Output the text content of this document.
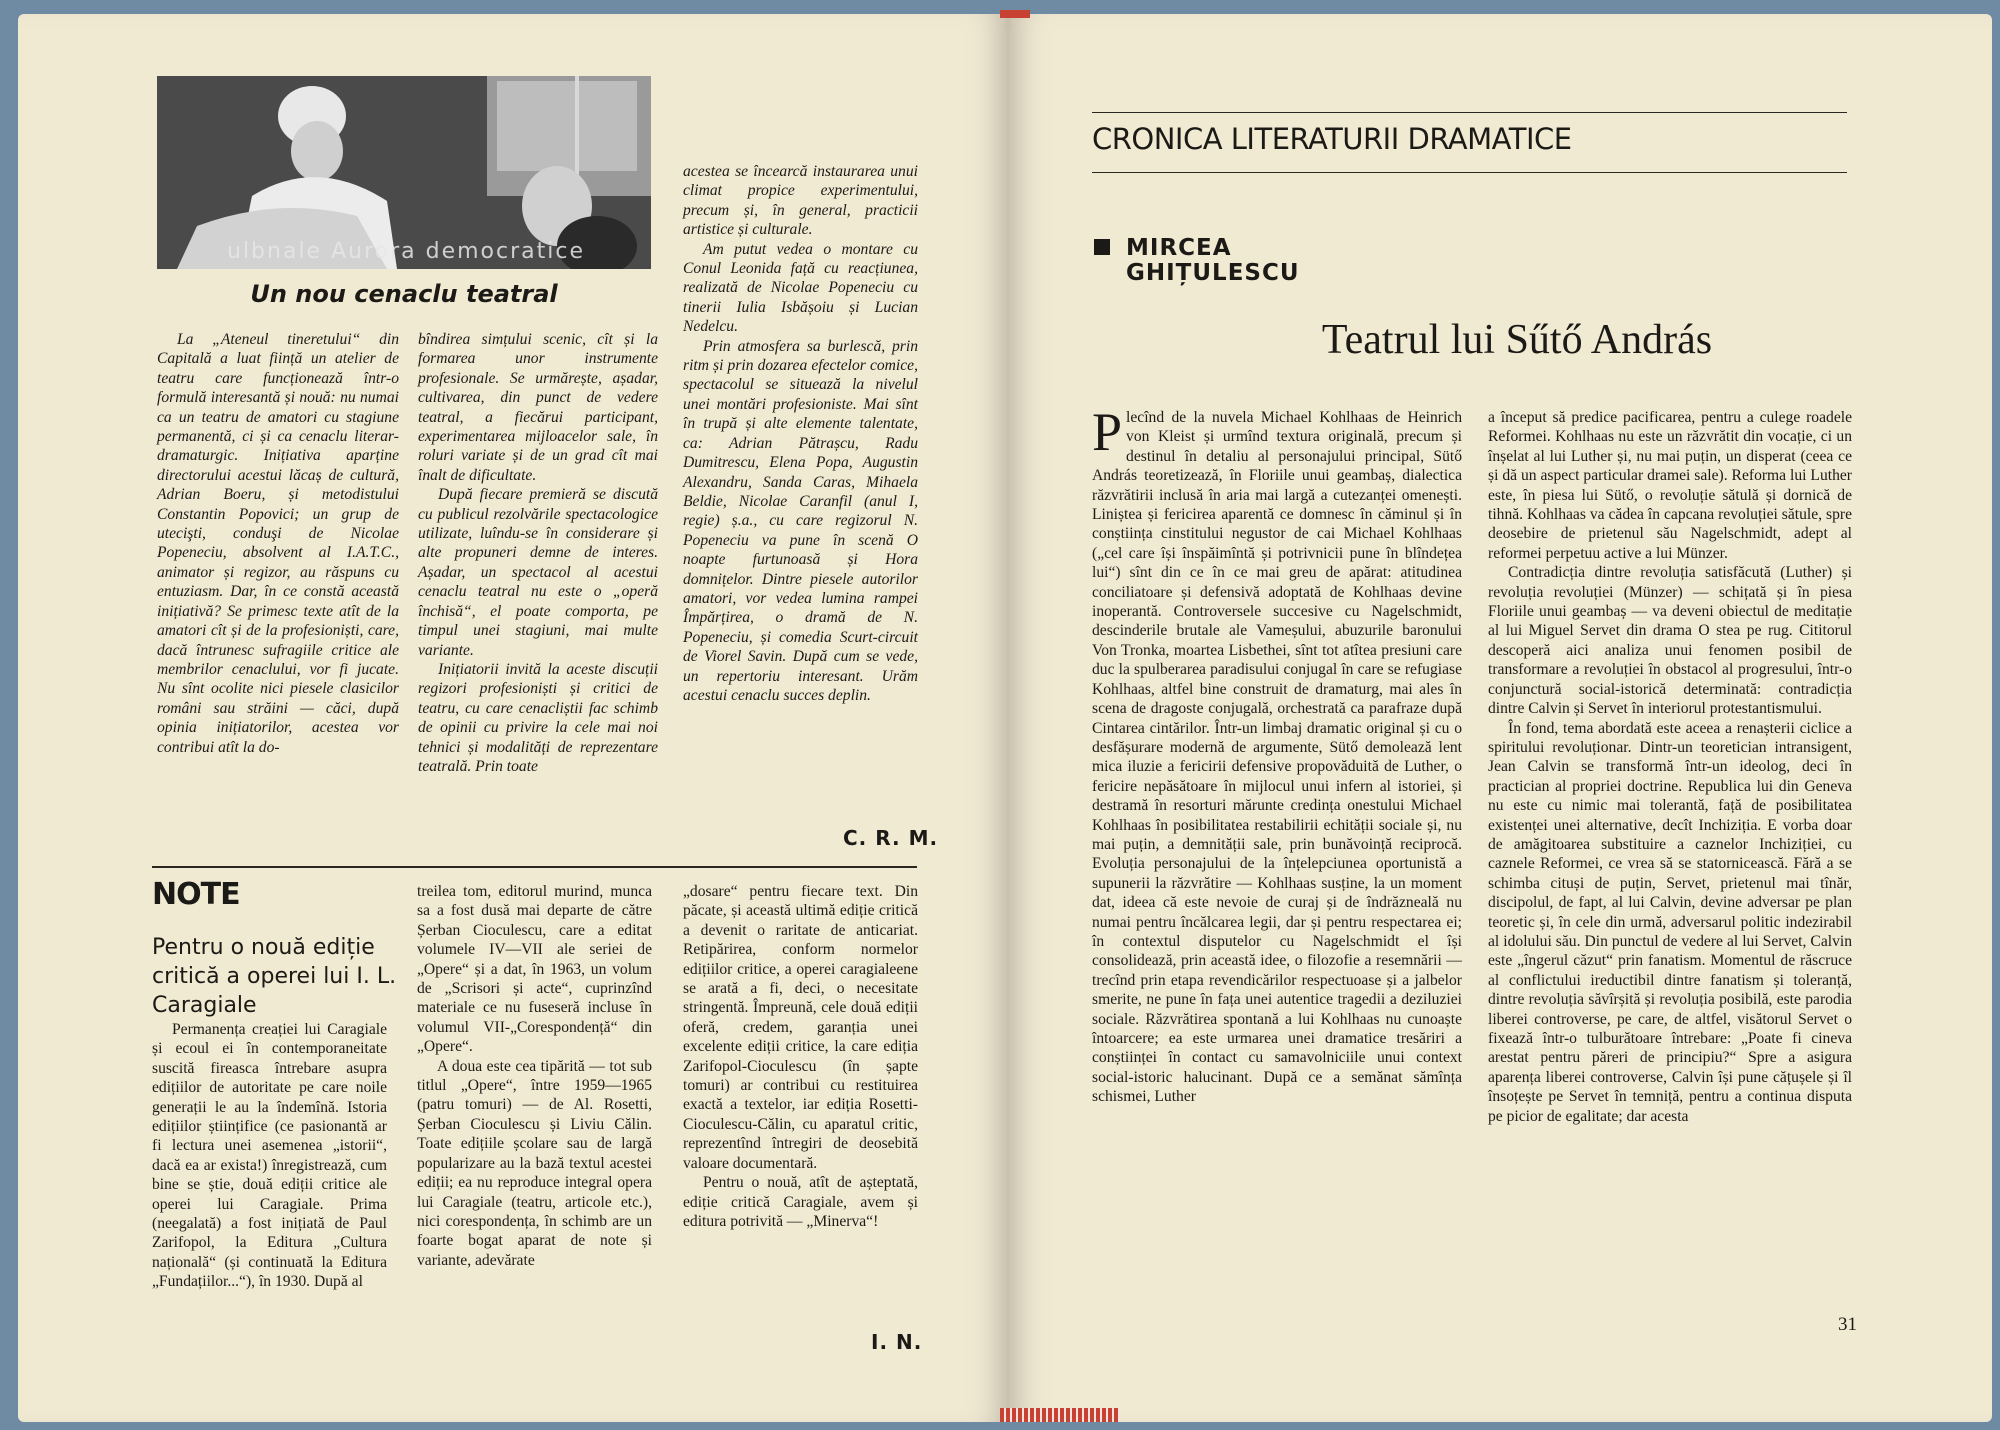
ulbnale Aurora democratice
Un nou cenaclu teatral

La „Ateneul tineretului“ din Capitală a luat ființă un atelier de teatru care funcționează într-o formulă interesantă și nouă: nu numai ca un teatru de amatori cu stagiune permanentă, ci și ca cenaclu literar-dramaturgic. Inițiativa aparține directorului acestui lăcaș de cultură, Adrian Boeru, și metodistului Constantin Popovici; un grup de utecişti, conduşi de Nicolae Popeneciu, absolvent al I.A.T.C., animator și regizor, au răspuns cu entuziasm. Dar, în ce constă această inițiativă? Se primesc texte atît de la amatori cît și de la profesioniști, care, dacă întrunesc sufragiile critice ale membrilor cenaclului, vor fi jucate. Nu sînt ocolite nici piesele clasicilor români sau străini — căci, după opinia inițiatorilor, acestea vor contribui atît la do-

bîndirea simțului scenic, cît și la formarea unor instrumente profesionale. Se urmărește, așadar, cultivarea, din punct de vedere teatral, a fiecărui participant, experimentarea mijloacelor sale, în roluri variate și de un grad cît mai înalt de dificultate.

După fiecare premieră se discută cu publicul rezolvările spectacologice utilizate, luîndu-se în considerare și alte propuneri demne de interes. Așadar, un spectacol al acestui cenaclu teatral nu este o „operă închisă“, el poate comporta, pe timpul unei stagiuni, mai multe variante.

Inițiatorii invită la aceste discuții regizori profesioniști și critici de teatru, cu care cenacliștii fac schimb de opinii cu privire la cele mai noi tehnici și modalități de reprezentare teatrală. Prin toate

acestea se încearcă instaurarea unui climat propice experimentului, precum și, în general, practicii artistice și culturale.

Am putut vedea o montare cu Conul Leonida față cu reacțiunea, realizată de Nicolae Popeneciu cu tinerii Iulia Isbășoiu și Lucian Nedelcu.

Prin atmosfera sa burlescă, prin ritm și prin dozarea efectelor comice, spectacolul se situează la nivelul unei montări profesioniste. Mai sînt în trupă și alte elemente talentate, ca: Adrian Pătrașcu, Radu Dumitrescu, Elena Popa, Augustin Alexandru, Sanda Caras, Mihaela Beldie, Nicolae Caranfil (anul I, regie) ș.a., cu care regizorul N. Popeneciu va pune în scenă O noapte furtunoasă și Hora domnițelor. Dintre piesele autorilor amatori, vor vedea lumina rampei Împărțirea, o dramă de N. Popeneciu, și comedia Scurt-circuit de Viorel Savin. După cum se vede, un repertoriu interesant. Urăm acestui cenaclu succes deplin.

C. R. M.
NOTE
Pentru o nouă ediție critică a operei lui I. L. Caragiale

Permanența creației lui Caragiale și ecoul ei în contemporaneitate suscită fireasca întrebare asupra edițiilor de autoritate pe care noile generații le au la îndemînă. Istoria edițiilor științifice (ce pasionantă ar fi lectura unei asemenea „istorii“, dacă ea ar exista!) înregistrează, cum bine se știe, două ediții critice ale operei lui Caragiale. Prima (neegalată) a fost inițiată de Paul Zarifopol, la Editura „Cultura națională“ (și continuată la Editura „Fundațiilor...“), în 1930. După al

treilea tom, editorul murind, munca sa a fost dusă mai departe de către Șerban Cioculescu, care a editat volumele IV—VII ale seriei de „Opere“ și a dat, în 1963, un volum de „Scrisori și acte“, cuprinzînd materiale ce nu fuseseră incluse în volumul VII-„Corespondență“ din „Opere“.

A doua este cea tipărită — tot sub titlul „Opere“, între 1959—1965 (patru tomuri) — de Al. Rosetti, Șerban Cioculescu și Liviu Călin. Toate edițiile școlare sau de largă popularizare au la bază textul acestei ediții; ea nu reproduce integral opera lui Caragiale (teatru, articole etc.), nici corespondența, în schimb are un foarte bogat aparat de note și variante, adevărate

„dosare“ pentru fiecare text. Din păcate, și această ultimă ediție critică a devenit o raritate de anticariat. Retipărirea, conform normelor edițiilor critice, a operei caragialeene se arată a fi, deci, o necesitate stringentă. Împreună, cele două ediții oferă, credem, garanția unei excelente ediții critice, la care ediția Zarifopol-Cioculescu (în șapte tomuri) ar contribui cu restituirea exactă a textelor, iar ediția Rosetti-Cioculescu-Călin, cu aparatul critic, reprezentînd întregiri de deosebită valoare documentară.

Pentru o nouă, atît de așteptată, ediție critică Caragiale, avem și editura potrivită — „Minerva“!

I. N.
CRONICA LITERATURII DRAMATICE
MIRCEA
GHIȚULESCU
Teatrul lui Sűtő András

Plecînd de la nuvela Michael Kohlhaas de Heinrich von Kleist și urmînd textura originală, precum și destinul în detaliu al personajului principal, Sütő András teoretizează, în Floriile unui geambaș, dialectica răzvrătirii inclusă în aria mai largă a cutezanței omenești. Liniștea și fericirea aparentă ce domnesc în căminul și în conștiința cinstitului negustor de cai Michael Kohlhaas („cel care își înspăimîntă și potrivnicii pune în blîndețea lui“) sînt din ce în ce mai greu de apărat: atitudinea conciliatoare și defensivă adoptată de Kohlhaas devine inoperantă. Controversele succesive cu Nagelschmidt, descinderile brutale ale Vameșului, abuzurile baronului Von Tronka, moartea Lisbethei, sînt tot atîtea presiuni care duc la spulberarea paradisului conjugal în care se refugiase Kohlhaas, altfel bine construit de dramaturg, mai ales în scena de dragoste conjugală, orchestrată ca parafraze după Cintarea cintărilor. Într-un limbaj dramatic original și cu o desfășurare modernă de argumente, Sütő demolează lent mica iluzie a fericirii defensive propovăduită de Luther, o fericire nepăsătoare în mijlocul unui infern al istoriei, și destramă în resorturi mărunte credința onestului Michael Kohlhaas în posibilitatea restabilirii echității sociale și, nu mai puțin, a demnității sale, prin bunăvoință reciprocă. Evoluția personajului de la înțelepciunea oportunistă a supunerii la răzvrătire — Kohlhaas susține, la un moment dat, ideea că este nevoie de curaj și de îndrăzneală nu numai pentru încălcarea legii, dar și pentru respectarea ei; în contextul disputelor cu Nagelschmidt el își consolidează, prin această idee, o filozofie a resemnării — trecînd prin etapa revendicărilor respectuoase și a jalbelor smerite, ne pune în fața unei autentice tragedii a deziluziei sociale. Răzvrătirea spontană a lui Kohlhaas nu cunoaște întoarcere; ea este urmarea unei dramatice tresăriri a conștiinței în contact cu samavolniciile unui context social-istoric halucinant. După ce a semănat sămînța schismei, Luther

a început să predice pacificarea, pentru a culege roadele Reformei. Kohlhaas nu este un răzvrătit din vocație, ci un înșelat al lui Luther și, nu mai puțin, un disperat (ceea ce și dă un aspect particular dramei sale). Reforma lui Luther este, în piesa lui Sütő, o revoluție sătulă și dornică de tihnă. Kohlhaas va cădea în capcana revoluției sătule, spre deosebire de prietenul său Nagelschmidt, adept al reformei perpetuu active a lui Münzer.

Contradicția dintre revoluția satisfăcută (Luther) și revoluția revoluției (Münzer) — schițată și în piesa Floriile unui geambaș — va deveni obiectul de meditație al lui Miguel Servet din drama O stea pe rug. Cititorul descoperă aici analiza unui fenomen posibil de transformare a revoluției în obstacol al progresului, într-o conjunctură social-istorică determinată: contradicția dintre Calvin și Servet în interiorul protestantismului.

În fond, tema abordată este aceea a renașterii ciclice a spiritului revoluționar. Dintr-un teoretician intransigent, Jean Calvin se transformă într-un ideolog, deci în practician al propriei doctrine. Republica lui din Geneva nu este cu nimic mai tolerantă, față de posibilitatea existenței unei alternative, decît Inchiziția. E vorba doar de amăgitoarea substituire a caznelor Inchiziției, cu caznele Reformei, ce vrea să se statornicească. Fără a se schimba cituși de puțin, Servet, prietenul mai tînăr, discipolul, de fapt, al lui Calvin, devine adversar pe plan teoretic și, în cele din urmă, adversarul politic indezirabil al idolului său. Din punctul de vedere al lui Servet, Calvin este „îngerul căzut“ prin fanatism. Momentul de răscruce al conflictului ireductibil dintre fanatism și toleranță, dintre revoluția săvîrșită și revoluția posibilă, este parodia liberei controverse, pe care, de altfel, visătorul Servet o fixează într-o tulburătoare întrebare: „Poate fi cineva arestat pentru păreri de principiu?“ Spre a asigura aparența liberei controverse, Calvin își pune cățușele și îl însoțește pe Servet în temniță, pentru a continua disputa pe picior de egalitate; dar acesta

31
